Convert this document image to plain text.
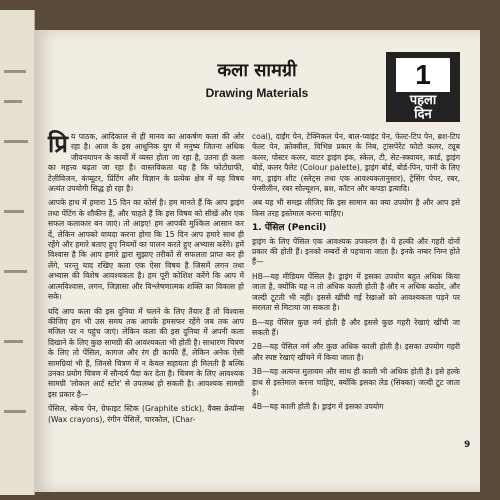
कला सामग्री
Drawing Materials
1
पहला
दिन

प्रि य पाठक, आदिकाल से ही मानव का आकर्षण कला की ओर रहा है। आज के इस आधुनिक युग में मनुष्य जितना अधिक जीवनयापन के कार्यों में व्यस्त होता जा रहा है, उतना ही कला का महत्त्व बढ़ता जा रहा है। वास्तविकता यह है कि फोटोग्राफी, टेलीविजन, कंप्यूटर, प्रिंटिंग और विज्ञान के प्रत्येक क्षेत्र में यह विषय अत्यंत उपयोगी सिद्ध हो रहा है।

आपके हाथ में हमारा 15 दिन का कोर्स है। हम मानते हैं कि आप ड्राइंग तथा पेंटिंग के शौकीन हैं, और चाहते हैं कि इस विषय को सीखें और एक सफल कलाकार बन जाएं। तो आइए! हम आपकी मुश्किल आसान कर दें, लेकिन आपको वायदा करना होगा कि 15 दिन आप हमारे साथ ही रहेंगे और हमारे बताए हुए नियमों का पालन करते हुए अभ्यास करेंगे। हमें विश्वास है कि आप हमारे द्वारा सुझाए तरीकों से सफलता प्राप्त कर ही लेंगे, परन्तु याद रखिए कला एक ऐसा विषय है जिसमें लगन तथा अभ्यास की विशेष आवश्यकता है। हम पूरी कोशिश करेंगे कि आप में आत्मविश्वास, लगन, जिज्ञासा और विश्लेषणात्मक शक्ति का विकास हो सके।

यदि आप कला की इस दुनिया में चलने के लिए तैयार हैं तो विश्वास कीजिए हम भी उस समय तक आपके हमसफर रहेंगे जब तक आप मंजिल पर न पहुंच जाएं। लेकिन कला की इस दुनिया में अपनी कला दिखाने के लिए कुछ सामग्री की आवश्यकता भी होती है। साधारण चित्रण के लिए तो पेंसिल, कागज और रंग ही काफी हैं, लेकिन अनेक ऐसी सामग्रियां भी हैं, जिनसे चित्रण में न केवल सहायता ही मिलती है बल्कि उनका प्रयोग चित्रण में सौन्दर्य पैदा कर देता है। चित्रण के लिए आवश्यक सामग्री 'लोकल आर्ट स्टोर' से उपलब्ध हो सकती है। आवश्यक सामग्री इस प्रकार है—

पेंसिल, स्केच पेन, ग्रेफाइट स्टिक (Graphite stick), वैक्स क्रेयॉन्स (Wax crayons), रंगीन पेंसिलें, चारकोल, (Char-

coal), दाईंग पेन, टेक्निकल पेन, बाल-प्वाइंट पेन, फेल्ट-टिप पेन, ब्रश-टिप फेल्ट पेन, क्रोक्वील, विभिन्न प्रकार के निब, ट्रांसपेरेंट फोटो कलर, ट्यूब कलर, पोस्टर कलर, वाटर ड्राइंग इंक, स्केल, टी, सेट-स्क्वायर, कार्ड, ड्राइंग बोर्ड, कलर पैलेट (Colour palette), ड्राइंग बोर्ड, बोर्ड-पिन, पानी के लिए मग, ड्राइंग शीट (स्लेट्स तथा एक आवश्यकतानुसार), ट्रेसिंग पेपर, रबर, पेन्सीलीन, रबर सोल्यूशन, ब्रश, कॉटन और कपड़ा इत्यादि।

अब यह भी समझ लीजिए कि इस सामान का क्या उपयोग है और आप इसे किस तरह इस्तेमाल करना चाहिए।

1. पेंसिल (Pencil)

ड्राइंग के लिए पेंसिल एक आवश्यक उपकरण है। ये हल्की और गहरी दोनों प्रकार की होती हैं। इनको नम्बरों से पहचाना जाता है। इनके नम्बर निम्न होते हैं—

HB—यह मीडियम पेंसिल है। ड्राइंग में इसका उपयोग बहुत अधिक किया जाता है, क्योंकि यह न तो अधिक काली होती है और न अधिक कठोर, और जल्दी टूटती भी नहीं। इससे खींची गई रेखाओं को आवश्यकता पड़ने पर सरलता से मिटाया जा सकता है।

B—यह पेंसिल कुछ नर्म होती है और इससे कुछ गहरी रेखाएं खींची जा सकती हैं।

2B—यह पेंसिल नर्म और कुछ अधिक काली होती है। इसका उपयोग गहरी और स्पष्ट रेखाएं खींचने में किया जाता है।

3B—यह अत्यन्त मुलायम और साथ ही काली भी अधिक होती है। इसे हल्के हाथ से इस्तेमाल करना चाहिए, क्योंकि इसका लेड (सिक्का) जल्दी टूट जाता है।

4B—यह काली होती है। ड्राइंग में इसका उपयोग

9
